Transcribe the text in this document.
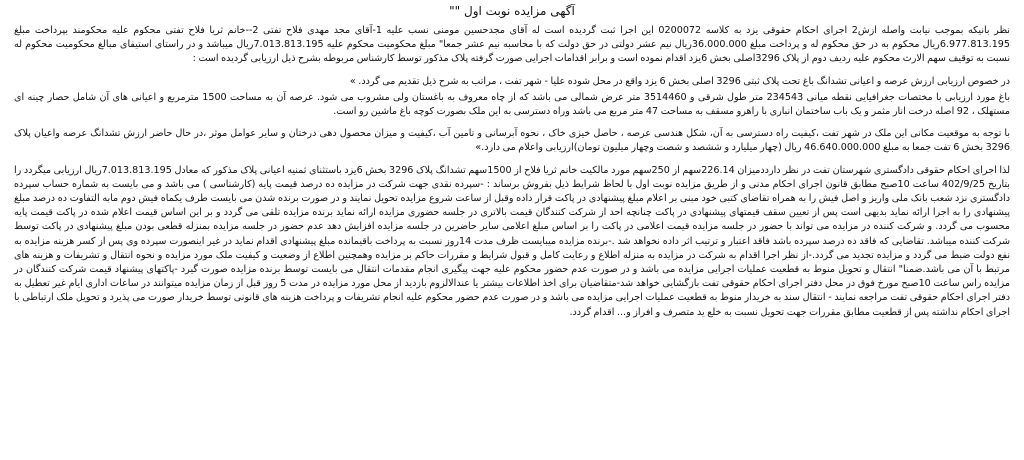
آگهی مزایده نوبت اول ""

نظر بانیکه بموجب نیابت واصله ازش2 اجرای احکام حقوقی یزد به کلاسه 0200072 این اجرا ثبت گردیده است له آقای مجدحسین مومنی نسب علیه 1-آقای مجد مهدی فلاح تفتی 2--خانم ثریا فلاح تفتی محکوم علیه محکومند بپرداخت مبلغ 6.977.813.195ریال محکوم به در حق محکوم له و پرداخت مبلغ 36.000.000ریال نیم عشر دولتی در حق دولت که با محاسبه نیم عشر جمعا" مبلغ محکومیت محکوم علیه 7.013.813.195ریال میباشد و در راستای استیفای مبالغ محکومیت محکوم له نسبت به توقیف سهم الارث محکوم علیه ردیف دوم از پلاک 3296اصلی بخش 6یزد اقدام نموده است و برابر اقدامات اجرایی صورت گرفته پلاک مذکور توسط کارشناس مربوطه بشرح ذیل ارزیابی گردیده است :

در خصوص ارزیابی ارزش عرصه و اعیانی تشدانگ باغ تحت پلاک ثبتی 3296 اصلی بخش 6 یزد واقع در محل شوده علیا - شهر تفت ، مراتب به شرح ذیل تقدیم می گردد. »

باغ مورد ارزیابی با مختصات جغرافیایی نقطه میانی 234543 متر طول شرقی و 3514460 متر عرض شمالی می باشد که از چاه معروف به باغستان ولی مشروب می شود. عرصه آن به مساحت 1500 مترمربع و اعیانی های آن شامل حصار چینه ای مستهلک ، 92 اصله درخت انار مثمر و یک باب ساختمان انباری با راهرو مسقف به مساحت 47 متر مربع می باشد وراه دسترسی به این ملک بصورت کوچه باغ ماشین رو است.

با توجه به موقعیت مکانی این ملک در شهر تفت ،کیفیت راه دسترسی به آن، شکل هندسی عرصه ، حاصل خیزی خاک ، نحوه آبرسانی و تامین آب ،کیفیت و میزان محصول دهی درختان و سایر عوامل موثر ،در حال حاضر ارزش تشدانگ عرصه واعیان پلاک 3296 بخش 6 تفت جمعا به مبلغ 46.640.000.000 ریال (چهار میلیارد و ششصد و شصت وچهار میلیون تومان)ارزیابی واعلام می دارد.»

لذا اجرای احکام حقوقی دادگستری شهرستان تفت در نظر دارددمیزان 226.14سهم از 250سهم مورد مالکیت خانم ثریا فلاح از 1500سهم تشدانگ پلاک 3296 بخش 6یزد باستثنای ثمنیه اعیانی پلاک مذکور که معادل 7.013.813.195ریال ارزیابی میگردد را بتاریخ 402/9/25 ساعت 10صبح مطابق قانون اجرای احکام مدنی و از طریق مزایده نوبت اول با لحاظ شرایط ذیل بفروش برساند : -سپرده نقدی جهت شرکت در مزایده ده درصد قیمت پایه (کارشناسی ) می باشد و می بایست به شماره حساب سپرده دادگستری نزد شعب بانک ملی واریز و اصل فیش را به همراه تقاضای کتبی خود مبنی بر اعلام مبلغ پیشنهادی در پاکت قرار داده وقبل از ساعت شروع مزایده تحویل نمایند و در صورت برنده شدن می بایست طرف یکماه فیش دوم مابه التفاوت ده درصد مبلغ پیشنهادی را به اجرا ارائه نماید بدیهی است پس از تعیین سقف قیمتهای پیشنهادی در پاکت چنانچه احد از شرکت کنندگان قیمت بالاتری در جلسه حضوری مزایده ارائه نماید برنده مزایده تلقی می گردد و بر این اساس قیمت اعلام شده در پاکت قیمت پایه محسوب می گردد. و شرکت کننده در مزایده می تواند با حضور در جلسه مزایده قیمت اعلامی در پاکت را بر اساس مبلغ اعلامی سایر حاضرین در جلسه مزایده افزایش دهد عدم حضور در جلسه مزایده بمنزله قطعی بودن مبلغ پیشنهادی در پاکت توسط شرکت کننده میباشد. تقاضایی که فاقد ده درصد سپرده باشد فاقد اعتبار و ترتیب اثر داده نخواهد شد .-برنده مزایده میبایست ظرف مدت 14روز نسبت به پرداخت باقیمانده مبلغ پیشنهادی اقدام نماید در غیر اینصورت سپرده وی پس از کسر هزینه مزایده به نفع دولت ضبط می گردد و مزایده تجدید می گردد.-از نظر اجرا اقدام به شرکت در مزایده به منزله اطلاع و رعایت کامل و قبول شرایط و مقررات حاکم بر مزایده وهمچنین اطلاع از وضعیت و کیفیت ملک مورد مزایده و نحوه انتقال و تشریفات و هزینه های مرتبط با آن می باشد.ضمنا" انتقال و تحویل منوط به قطعیت عملیات اجرایی مزایده می باشد و در صورت عدم حضور محکوم علیه جهت پیگیری انجام مقدمات انتقال می بایست توسط برنده مزایده صورت گیرد -پاکتهای پیشنهاد قیمت شرکت کنندگان در مزایده راس ساعت 10صبح مورخ فوق در محل دفتر اجرای احکام حقوقی تفت بازگشایی خواهد شد-متقاضیان برای اخذ اطلاعات بیشتر یا عندالالزوم بازدید از محل مورد مزایده در مدت 5 روز قبل از زمان مزایده میتوانند در ساعات اداری ایام غیر تعطیل به دفتر اجرای احکام حقوقی تفت مراجعه نمایند - انتقال سند به خریدار منوط به قطعیت عملیات اجرایی مزایده می باشد و در صورت عدم حضور محکوم علیه انجام تشریفات و پرداخت هزینه های قانونی توسط خریدار صورت می پذیرد و تحویل ملک ارتباطی با اجرای احکام نداشته پس از قطعیت مطابق مقررات جهت تحویل نسبت به خلع ید متصرف و افراز و... اقدام گردد.
